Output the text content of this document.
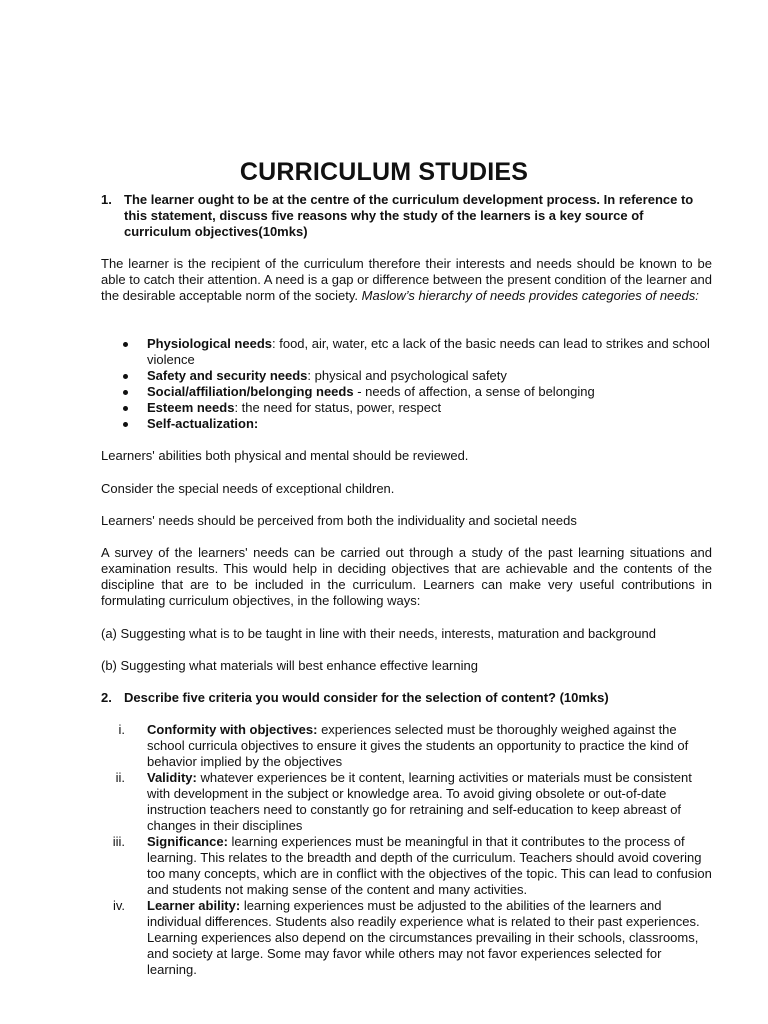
CURRICULUM STUDIES
1. The learner ought to be at the centre of the curriculum development process. In reference to this statement, discuss five reasons why the study of the learners is a key source of curriculum objectives(10mks)
The learner is the recipient of the curriculum therefore their interests and needs should be known to be able to catch their attention. A need is a gap or difference between the present condition of the learner and the desirable acceptable norm of the society. Maslow’s hierarchy of needs provides categories of needs:
Physiological needs: food, air, water, etc a lack of the basic needs can lead to strikes and school violence
Safety and security needs: physical and psychological safety
Social/affiliation/belonging needs - needs of affection, a sense of belonging
Esteem needs: the need for status, power, respect
Self-actualization:
Learners' abilities both physical and mental should be reviewed.
Consider the special needs of exceptional children.
Learners' needs should be perceived from both the individuality and societal needs
A survey of the learners' needs can be carried out through a study of the past learning situations and examination results. This would help in deciding objectives that are achievable and the contents of the discipline that are to be included in the curriculum. Learners can make very useful contributions in formulating curriculum objectives, in the following ways:
(a) Suggesting what is to be taught in line with their needs, interests, maturation and background
(b) Suggesting what materials will best enhance effective learning
2. Describe five criteria you would consider for the selection of content? (10mks)
i. Conformity with objectives: experiences selected must be thoroughly weighed against the school curricula objectives to ensure it gives the students an opportunity to practice the kind of behavior implied by the objectives
ii. Validity: whatever experiences be it content, learning activities or materials must be consistent with development in the subject or knowledge area. To avoid giving obsolete or out-of-date instruction teachers need to constantly go for retraining and self-education to keep abreast of changes in their disciplines
iii. Significance: learning experiences must be meaningful in that it contributes to the process of learning. This relates to the breadth and depth of the curriculum. Teachers should avoid covering too many concepts, which are in conflict with the objectives of the topic. This can lead to confusion and students not making sense of the content and many activities.
iv. Learner ability: learning experiences must be adjusted to the abilities of the learners and individual differences. Students also readily experience what is related to their past experiences. Learning experiences also depend on the circumstances prevailing in their schools, classrooms, and society at large. Some may favor while others may not favor experiences selected for learning.
